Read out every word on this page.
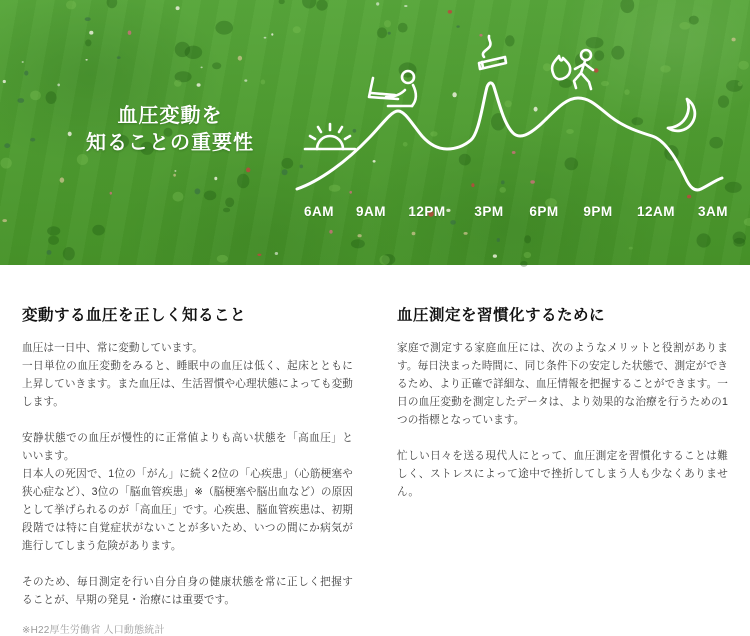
血圧変動を
知ることの重要性
6AM 9AM 12PM 3PM 6PM 9PM 12AM 3AM
変動する血圧を正しく知ること

血圧は一日中、常に変動しています。
一日単位の血圧変動をみると、睡眠中の血圧は低く、起床とともに上昇していきます。また血圧は、生活習慣や心理状態によっても変動します。

安静状態での血圧が慢性的に正常値よりも高い状態を「高血圧」といいます。
日本人の死因で、1位の「がん」に続く2位の「心疾患」（心筋梗塞や狭心症など）、3位の「脳血管疾患」※（脳梗塞や脳出血など）の原因として挙げられるのが「高血圧」です。心疾患、脳血管疾患は、初期段階では特に自覚症状がないことが多いため、いつの間にか病気が進行してしまう危険があります。

そのため、毎日測定を行い自分自身の健康状態を常に正しく把握することが、早期の発見・治療には重要です。

※H22厚生労働省 人口動態統計
血圧測定を習慣化するために

家庭で測定する家庭血圧には、次のようなメリットと役割があります。毎日決まった時間に、同じ条件下の安定した状態で、測定ができるため、より正確で詳細な、血圧情報を把握することができます。一日の血圧変動を測定したデータは、より効果的な治療を行うための1つの指標となっています。

忙しい日々を送る現代人にとって、血圧測定を習慣化することは難しく、ストレスによって途中で挫折してしまう人も少なくありません。
